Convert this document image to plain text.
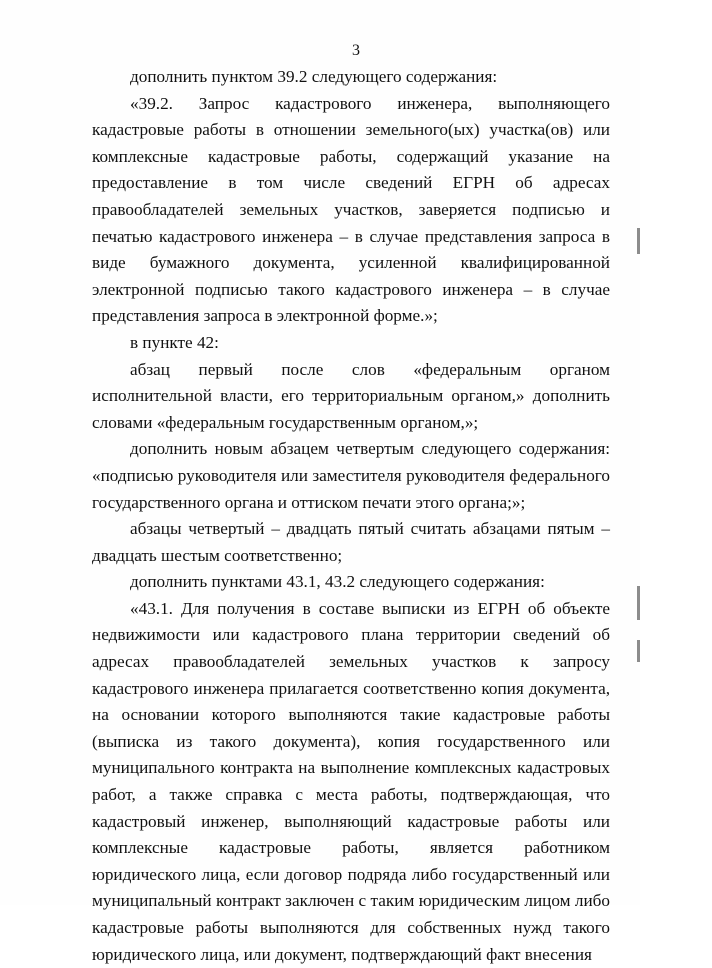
3

дополнить пунктом 39.2 следующего содержания:

«39.2. Запрос кадастрового инженера, выполняющего кадастровые работы в отношении земельного(ых) участка(ов) или комплексные кадастровые работы, содержащий указание на предоставление в том числе сведений ЕГРН об адресах правообладателей земельных участков, заверяется подписью и печатью кадастрового инженера – в случае представления запроса в виде бумажного документа, усиленной квалифицированной электронной подписью такого кадастрового инженера – в случае представления запроса в электронной форме.»;

в пункте 42:

абзац первый после слов «федеральным органом исполнительной власти, его территориальным органом,» дополнить словами «федеральным государственным органом,»;

дополнить новым абзацем четвертым следующего содержания: «подписью руководителя или заместителя руководителя федерального государственного органа и оттиском печати этого органа;»;

абзацы четвертый – двадцать пятый считать абзацами пятым – двадцать шестым соответственно;

дополнить пунктами 43.1, 43.2 следующего содержания:

«43.1. Для получения в составе выписки из ЕГРН об объекте недвижимости или кадастрового плана территории сведений об адресах правообладателей земельных участков к запросу кадастрового инженера прилагается соответственно копия документа, на основании которого выполняются такие кадастровые работы (выписка из такого документа), копия государственного или муниципального контракта на выполнение комплексных кадастровых работ, а также справка с места работы, подтверждающая, что кадастровый инженер, выполняющий кадастровые работы или комплексные кадастровые работы, является работником юридического лица, если договор подряда либо государственный или муниципальный контракт заключен с таким юридическим лицом либо кадастровые работы выполняются для собственных нужд такого юридического лица, или документ, подтверждающий факт внесения
